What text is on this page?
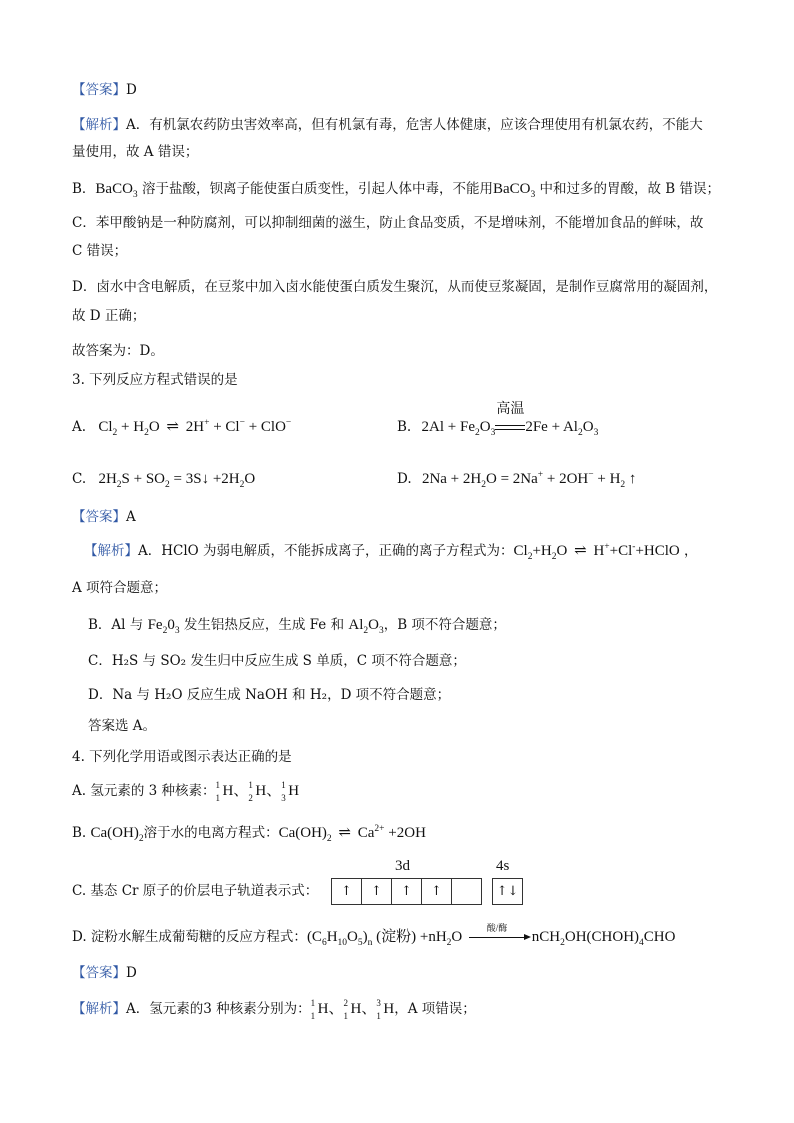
【答案】D
【解析】A．有机氯农药防虫害效率高，但有机氯有毒，危害人体健康，应该合理使用有机氯农药，不能大
量使用，故 A 错误；
B．BaCO$_3$ 溶于盐酸，钡离子能使蛋白质变性，引起人体中毒，不能用BaCO$_3$ 中和过多的胃酸，故 B 错误；
C．苯甲酸钠是一种防腐剂，可以抑制细菌的滋生，防止食品变质，不是增味剂，不能增加食品的鲜味，故
C 错误；
D．卤水中含电解质，在豆浆中加入卤水能使蛋白质发生聚沉，从而使豆浆凝固，是制作豆腐常用的凝固剂，
故 D 正确；
故答案为：D。
3. 下列反应方程式错误的是
A. $Cl_2 + H_2O$ ⇌ 2H+ + Cl− + ClO−	B. $2Al + Fe_2O_3$
高温
$2Fe + Al_2O_3$
C. $2H_2S + SO_2$ = 3S↓ $+2H_2O$	D. $2Na + 2H_2O = 2Na^+ + 2OH^- + H_2$ ↑
【答案】A
【解析】A．HClO 为弱电解质，不能拆成离子，正确的离子方程式为：$Cl_2+H_2O$ ⇌ H++Cl-+HClO ，
A 项符合题意；
B．Al 与 $Fe_20_3$ 发生铝热反应，生成 Fe 和 $Al_2O_3$，B 项不符合题意；
C．H₂S 与 SO₂ 发生归中反应生成 S 单质，C 项不符合题意；
D．Na 与 H₂O 反应生成 NaOH 和 H₂，D 项不符合题意；
答案选 A。
4. 下列化学用语或图示表达正确的是
A. 氢元素的 3 种核素： 1
1 H、 1
2 H、 1
3 H
B. $Ca(OH)_2$溶于水的电离方程式：$Ca(OH)_2$ ⇌ $Ca^{2+} +2OH$
C. 基态 Cr 原子的价层电子轨道表示式：
3d	4s
↑	↑	↑	↑	↑↓
D. 淀粉水解生成葡萄糖的反应方程式：$(C_6H_{10}O_5)_n$ (淀粉) $+nH_2O$
酸/酶
$nCH_2OH(CHOH)_4CHO$
【答案】D
【解析】A．氢元素的3 种核素分别为： 1
1 H、 2
1 H、 3
1 H，A 项错误；
